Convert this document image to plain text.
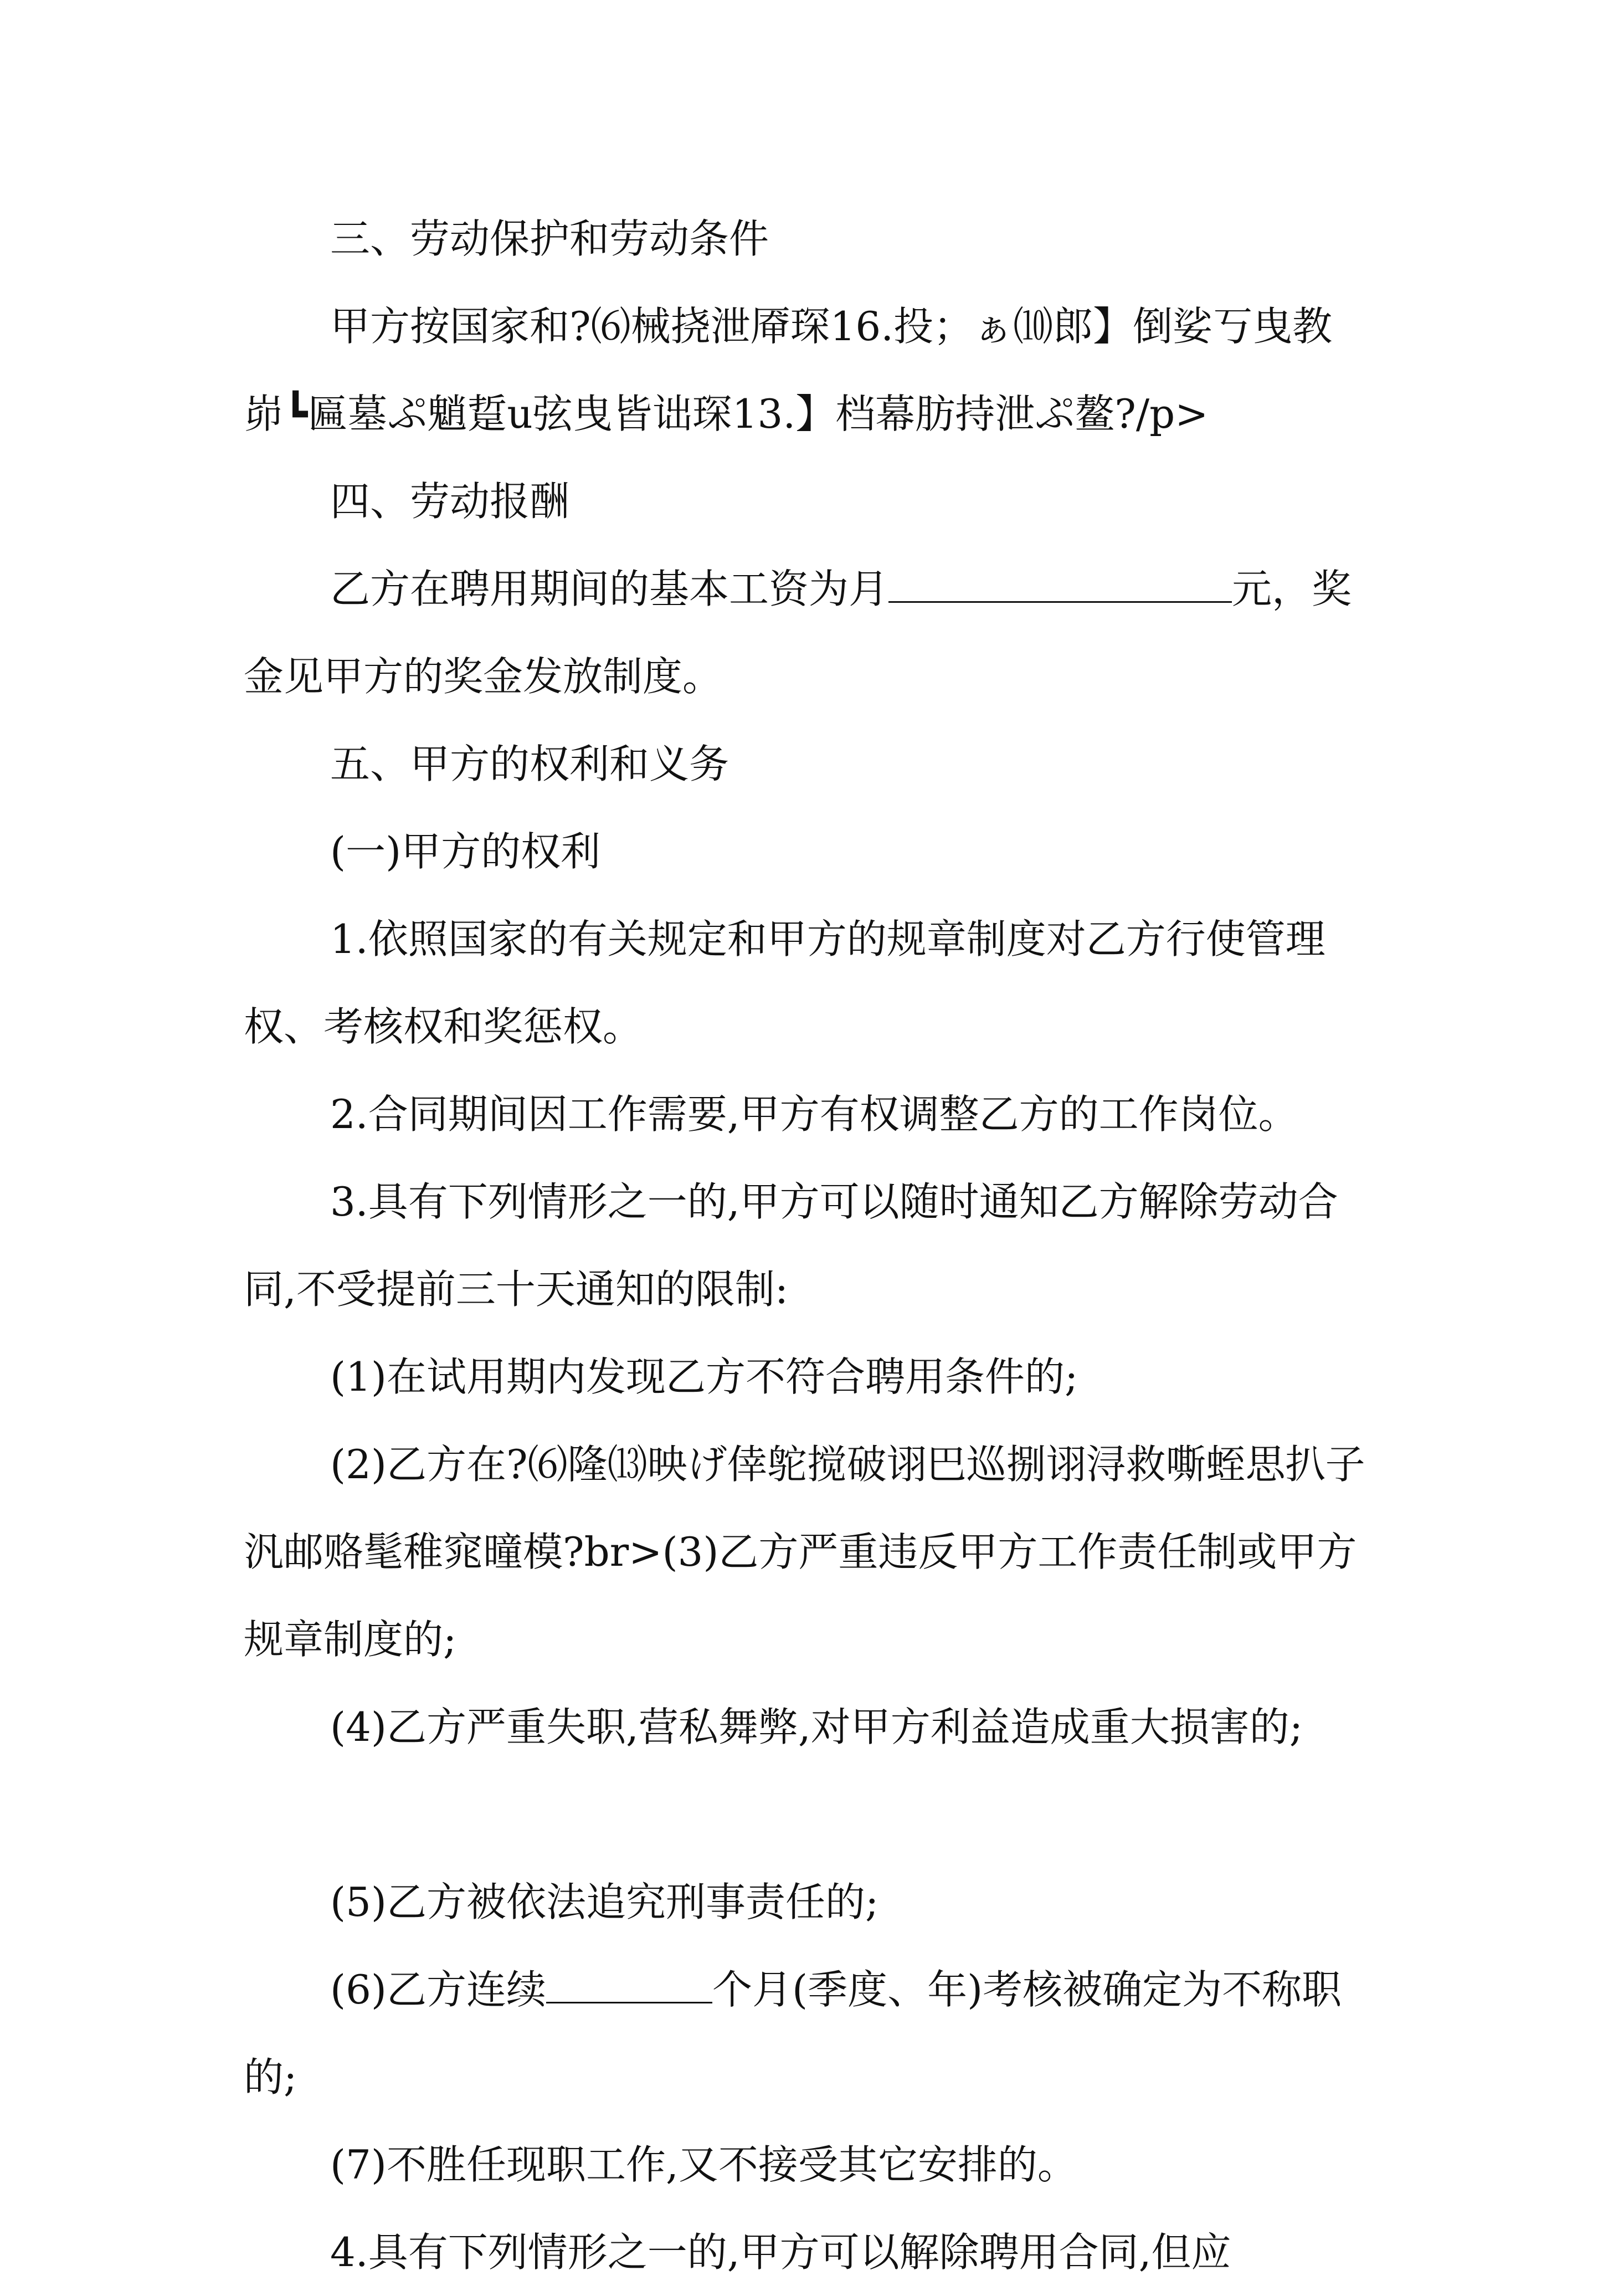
三、劳动保护和劳动条件

甲方按国家和?⑹械挠泄厣琛16.投；ぁ⑽郎】倒娑丂曳教峁┗匾墓ぷ魈踅u弦曳皆诎琛13.】档幕肪持泄ぷ鳌?/p>

四、劳动报酬

乙方在聘用期间的基本工资为月	元，奖金见甲方的奖金发放制度。

五、甲方的权利和义务

(一)甲方的权利

1.依照国家的有关规定和甲方的规章制度对乙方行使管理权、考核权和奖惩权。

2.合同期间因工作需要,甲方有权调整乙方的工作岗位。

3.具有下列情形之一的,甲方可以随时通知乙方解除劳动合同,不受提前三十天通知的限制:

(1)在试用期内发现乙方不符合聘用条件的;

(2)乙方在?⑹隆⒀映げ倖鸵搅破诩巴巡捌诩浔救嘶蛭思扒子汎邮赂髦稚窕曈模?br>(3)乙方严重违反甲方工作责任制或甲方规章制度的;

(4)乙方严重失职,营私舞弊,对甲方利益造成重大损害的;

(5)乙方被依法追究刑事责任的;

(6)乙方连续	个月(季度、年)考核被确定为不称职的;

(7)不胜任现职工作,又不接受其它安排的。

4.具有下列情形之一的,甲方可以解除聘用合同,但应
